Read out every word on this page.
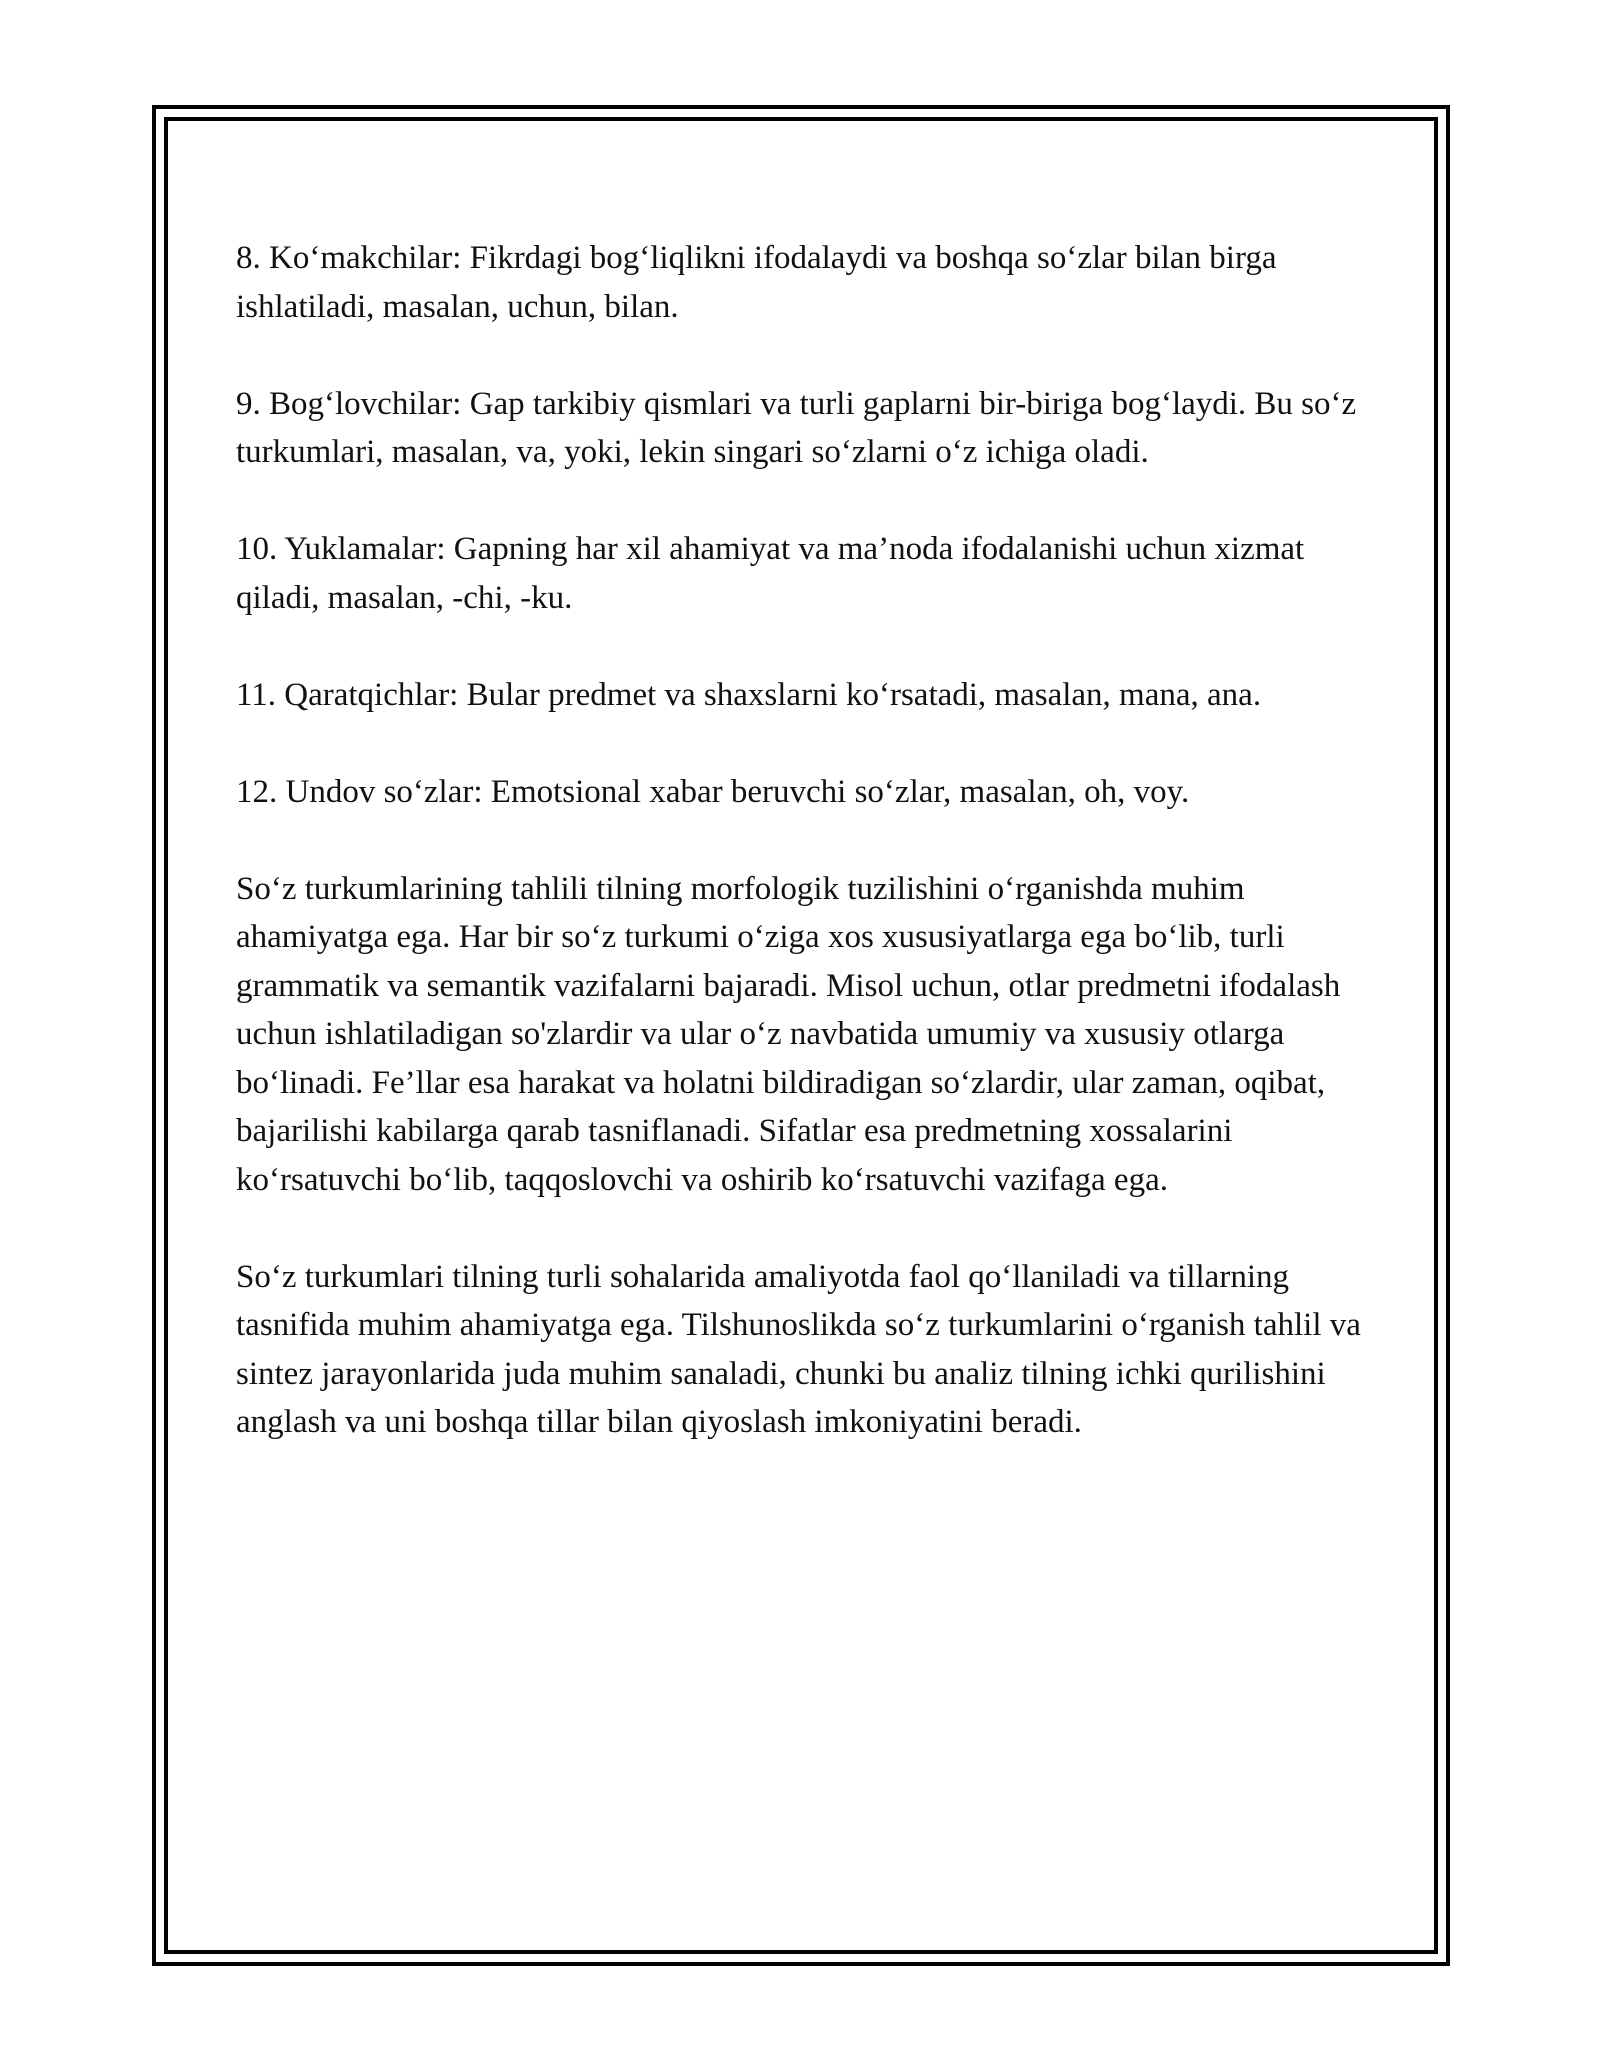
8. Ko‘makchilar: Fikrdagi bog‘liqlikni ifodalaydi va boshqa so‘zlar bilan birga ishlatiladi, masalan, uchun, bilan.

9. Bog‘lovchilar: Gap tarkibiy qismlari va turli gaplarni bir-biriga bog‘laydi. Bu so‘z turkumlari, masalan, va, yoki, lekin singari so‘zlarni o‘z ichiga oladi.

10. Yuklamalar: Gapning har xil ahamiyat va ma’noda ifodalanishi uchun xizmat qiladi, masalan, -chi, -ku.

11. Qaratqichlar: Bular predmet va shaxslarni ko‘rsatadi, masalan, mana, ana.

12. Undov so‘zlar: Emotsional xabar beruvchi so‘zlar, masalan, oh, voy.

So‘z turkumlarining tahlili tilning morfologik tuzilishini o‘rganishda muhim ahamiyatga ega. Har bir so‘z turkumi o‘ziga xos xususiyatlarga ega bo‘lib, turli grammatik va semantik vazifalarni bajaradi. Misol uchun, otlar predmetni ifodalash uchun ishlatiladigan so'zlardir va ular o‘z navbatida umumiy va xususiy otlarga bo‘linadi. Fe’llar esa harakat va holatni bildiradigan so‘zlardir, ular zaman, oqibat, bajarilishi kabilarga qarab tasniflanadi. Sifatlar esa predmetning xossalarini ko‘rsatuvchi bo‘lib, taqqoslovchi va oshirib ko‘rsatuvchi vazifaga ega.

So‘z turkumlari tilning turli sohalarida amaliyotda faol qo‘llaniladi va tillarning tasnifida muhim ahamiyatga ega. Tilshunoslikda so‘z turkumlarini o‘rganish tahlil va sintez jarayonlarida juda muhim sanaladi, chunki bu analiz tilning ichki qurilishini anglash va uni boshqa tillar bilan qiyoslash imkoniyatini beradi.
